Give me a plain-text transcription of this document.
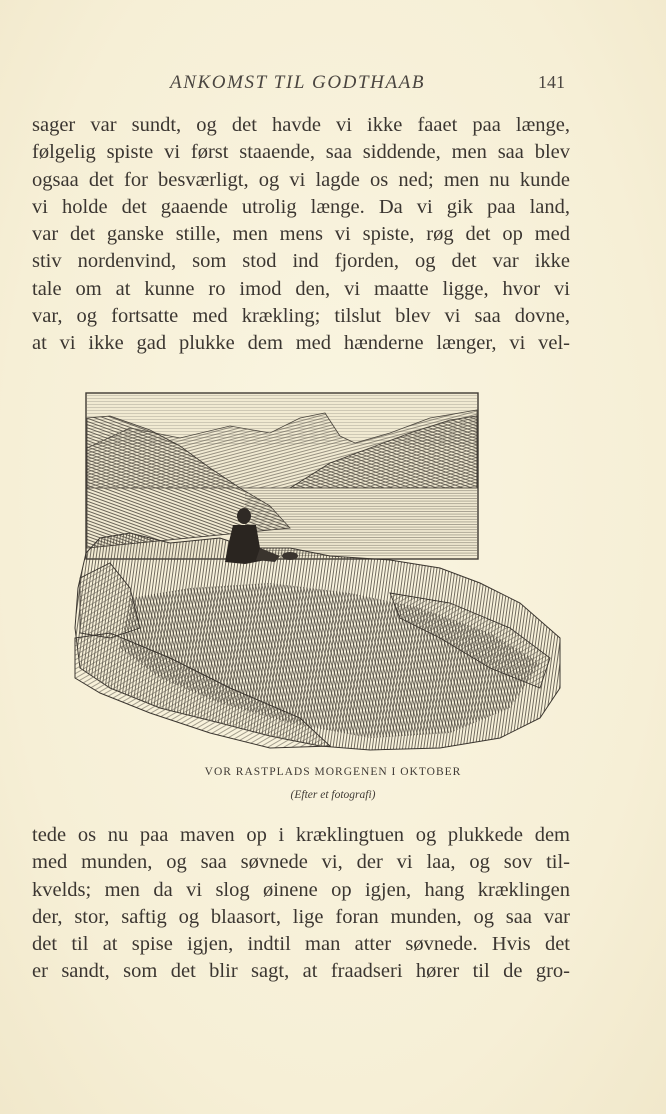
ANKOMST TIL GODTHAAB	141
sager var sundt, og det havde vi ikke faaet paa længe,
følgelig spiste vi først staaende, saa siddende, men saa blev
ogsaa det for besværligt, og vi lagde os ned; men nu kunde
vi holde det gaaende utrolig længe. Da vi gik paa land,
var det ganske stille, men mens vi spiste, røg det op med
stiv nordenvind, som stod ind fjorden, og det var ikke
tale om at kunne ro imod den, vi maatte ligge, hvor vi
var, og fortsatte med krækling; tilslut blev vi saa dovne,
at vi ikke gad plukke dem med hænderne længer, vi vel-
VOR RASTPLADS MORGENEN I OKTOBER
(Efter et fotografi)
tede os nu paa maven op i kræklingtuen og plukkede dem
med munden, og saa søvnede vi, der vi laa, og sov til-
kvelds; men da vi slog øinene op igjen, hang kræklingen
der, stor, saftig og blaasort, lige foran munden, og saa var
det til at spise igjen, indtil man atter søvnede. Hvis det
er sandt, som det blir sagt, at fraadseri hører til de gro-
